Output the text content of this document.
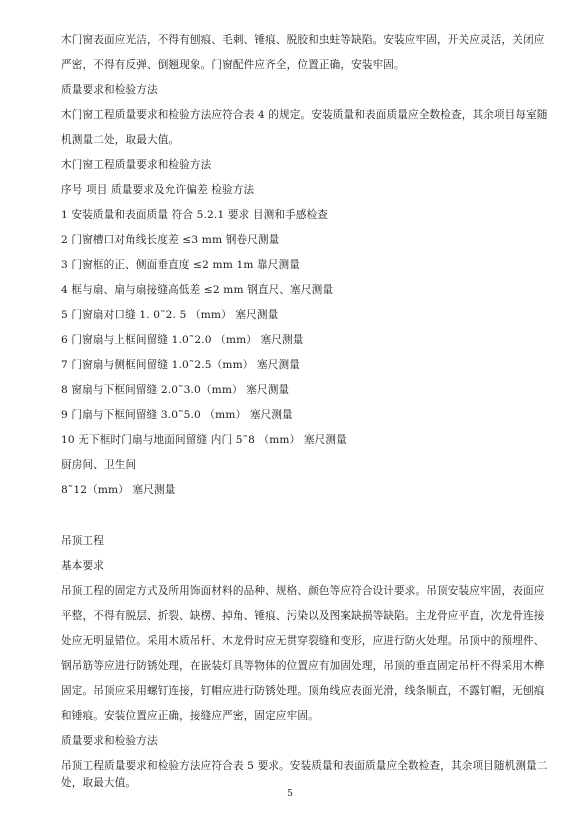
木门窗表面应光洁，不得有刨痕、毛刺、锤痕、脱胶和虫蛀等缺陷。安装应牢固，开关应灵活，关闭应
严密，不得有反弹、倒翘现象。门窗配件应齐全，位置正确，安装牢固。
质量要求和检验方法
木门窗工程质量要求和检验方法应符合表 4 的规定。安装质量和表面质量应全数检查，其余项目每室随
机测量二处，取最大值。
木门窗工程质量要求和检验方法
序号 项目 质量要求及允许偏差 检验方法
1 安装质量和表面质量 符合 5.2.1 要求 目测和手感检查
2 门窗槽口对角线长度差 ≤3 mm 钢卷尺测量
3 门窗框的正、侧面垂直度 ≤2 mm 1m 靠尺测量
4 框与扇、扇与扇接缝高低差 ≤2 mm 钢直尺、塞尺测量
5 门窗扇对口缝 1. 0˜2. 5 （mm） 塞尺测量
6 门窗扇与上框间留缝 1.0˜2.0 （mm） 塞尺测量
7 门窗扇与侧框间留缝 1.0˜2.5（mm） 塞尺测量
8 窗扇与下框间留缝 2.0˜3.0（mm） 塞尺测量
9 门扇与下框间留缝 3.0˜5.0 （mm） 塞尺测量
10 无下框时门扇与地面间留缝 内门 5˜8 （mm） 塞尺测量
厨房间、卫生间
8˜12（mm） 塞尺测量
吊顶工程
基本要求
吊顶工程的固定方式及所用饰面材料的品种、规格、颜色等应符合设计要求。吊顶安装应牢固，表面应
平整，不得有脱层、折裂、缺楞、掉角、锤痕、污染以及图案缺损等缺陷。主龙骨应平直，次龙骨连接
处应无明显错位。采用木质吊杆、木龙骨时应无贯穿裂缝和变形，应进行防火处理。吊顶中的预埋件、
钢吊筋等应进行防锈处理，在嵌装灯具等物体的位置应有加固处理，吊顶的垂直固定吊杆不得采用木榫
固定。吊顶应采用螺钉连接，钉帽应进行防锈处理。顶角线应表面光滑，线条顺直，不露钉帽，无刨痕
和锤痕。安装位置应正确，接缝应严密，固定应牢固。
质量要求和检验方法
吊顶工程质量要求和检验方法应符合表 5 要求。安装质量和表面质量应全数检查，其余项目随机测量二
处，取最大值。
5
